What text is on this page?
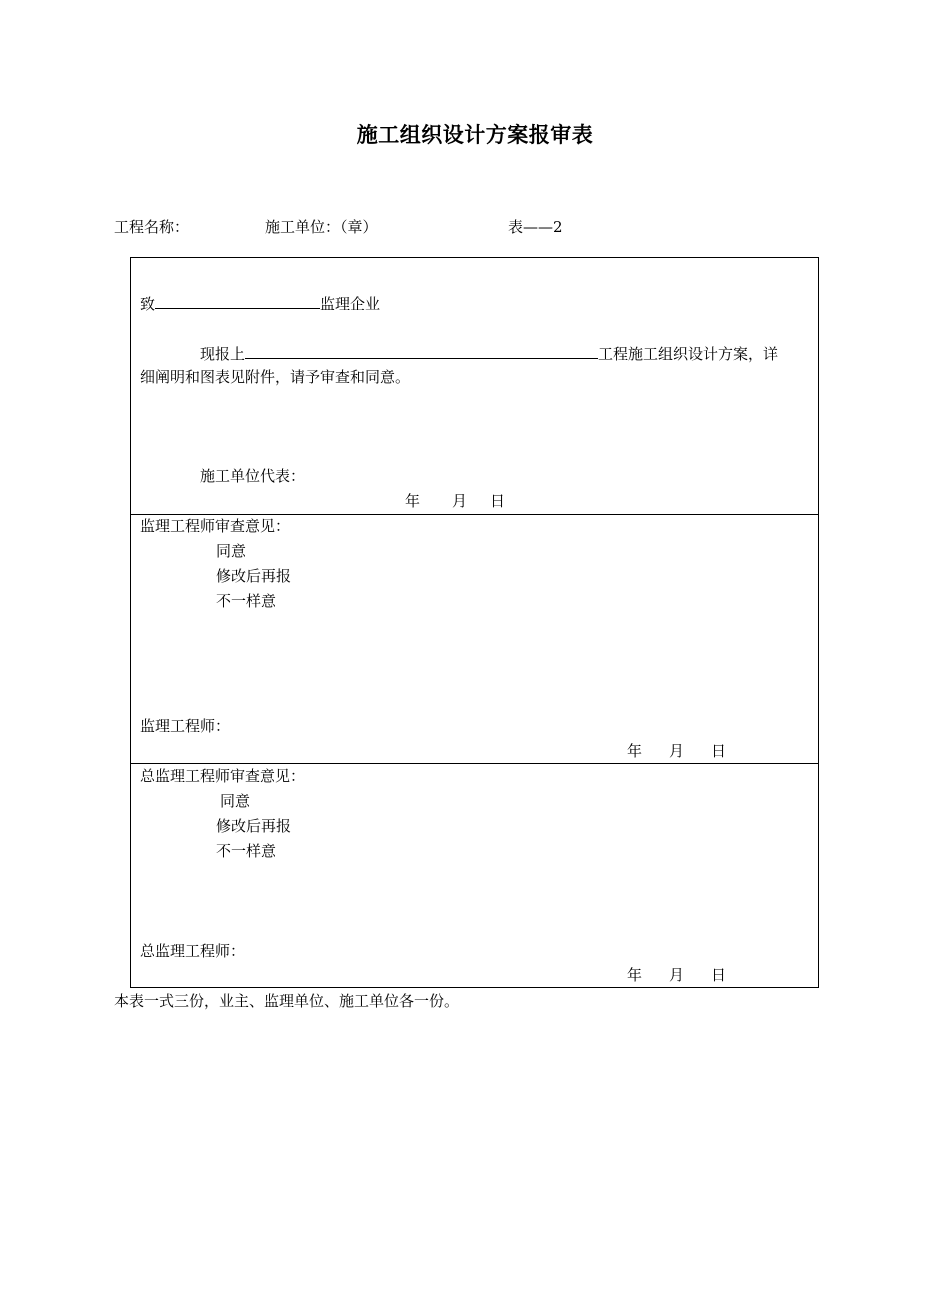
施工组织设计方案报审表
工程名称：	施工单位：（章）	表——2
致	监理企业
现报上	工程施工组织设计方案，详
细阐明和图表见附件，请予审查和同意。
施工单位代表：
年 月 日
监理工程师审查意见：
同意
修改后再报
不一样意
监理工程师：
年 月 日
总监理工程师审查意见：
同意
修改后再报
不一样意
总监理工程师：
年 月 日
本表一式三份，业主、监理单位、施工单位各一份。
